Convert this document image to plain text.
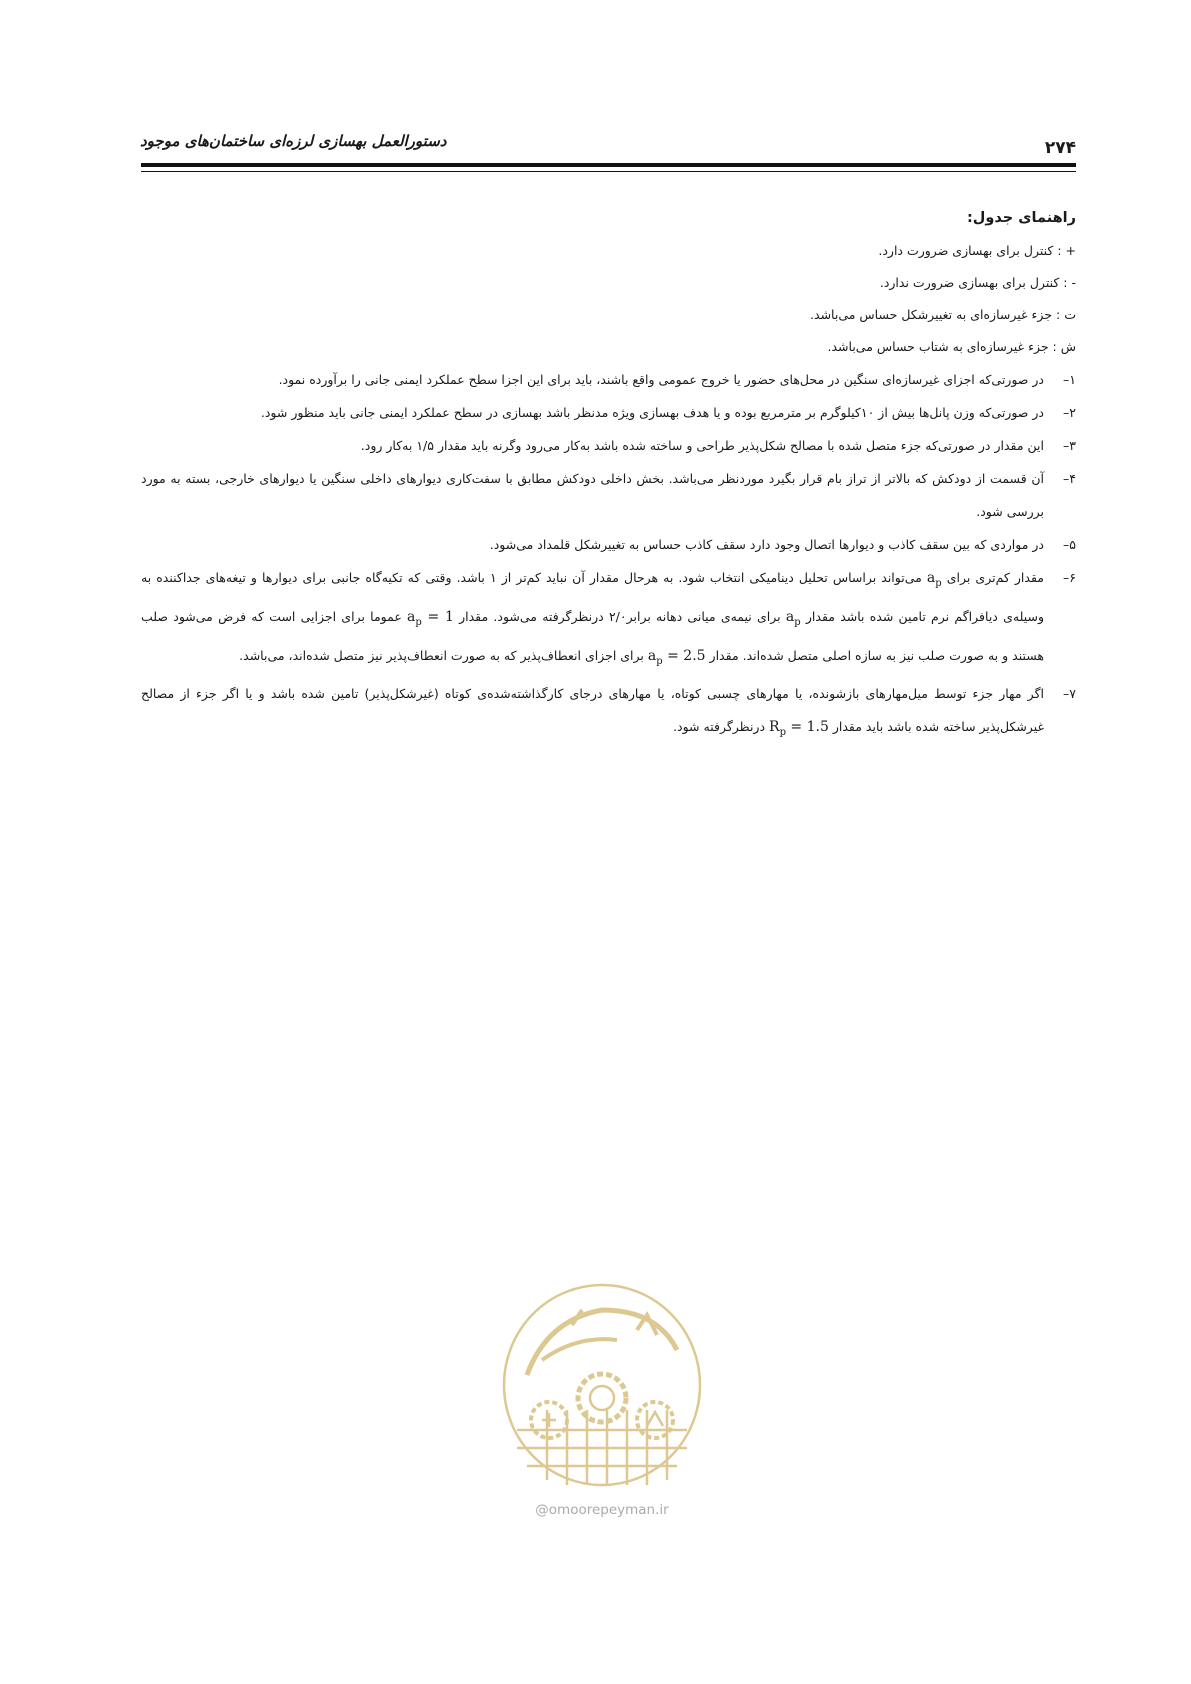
دستورالعمل بهسازی لرزه‌ای ساختمان‌های موجود	۲۷۴
راهنمای جدول:
+ : کنترل برای بهسازی ضرورت دارد.
- : کنترل برای بهسازی ضرورت ندارد.
ت : جزء غیرسازه‌ای به تغییرشکل حساس می‌باشد.
ش : جزء غیرسازه‌ای به شتاب حساس می‌باشد.
۱–
در صورتی‌که اجزای غیرسازه‌ای سنگین در محل‌های حضور یا خروج عمومی واقع باشند، باید برای این اجزا سطح عملکرد ایمنی جانی را برآورده نمود.
۲–
در صورتی‌که وزن پانل‌ها بیش از ۱۰کیلوگرم بر مترمربع بوده و یا هدف بهسازی ویژه مدنظر باشد بهسازی در سطح عملکرد ایمنی جانی باید منظور شود.
۳–
این مقدار در صورتی‌که جزء متصل شده با مصالح شکل‌پذیر طراحی و ساخته شده باشد به‌کار می‌رود وگرنه باید مقدار ۱/۵ به‌کار رود.
۴–
آن قسمت از دودکش که بالاتر از تراز بام قرار بگیرد موردنظر می‌باشد. بخش داخلی دودکش مطابق با سفت‌کاری دیوارهای داخلی سنگین یا دیوارهای خارجی، بسته به مورد بررسی شود.
۵–
در مواردی که بین سقف کاذب و دیوارها اتصال وجود دارد سقف کاذب حساس به تغییرشکل قلمداد می‌شود.
۶–
مقدار کم‌تری برای $a_p$ می‌تواند براساس تحلیل دینامیکی انتخاب شود. به هرحال مقدار آن نباید کم‌تر از ۱ باشد. وقتی که تکیه‌گاه جانبی برای دیوارها و تیغه‌های جداکننده به وسیله‌ی دیافراگم نرم تامین شده باشد مقدار $a_p$ برای نیمه‌ی میانی دهانه برابر۲/۰ درنظرگرفته می‌شود. مقدار $a_p = 1$ عموما برای اجزایی است که فرض می‌شود صلب هستند و به صورت صلب نیز به سازه اصلی متصل شده‌اند. مقدار $a_p = 2.5$ برای اجزای انعطاف‌پذیر که به صورت انعطاف‌پذیر نیز متصل شده‌اند، می‌باشد.
۷–
اگر مهار جزء توسط میل‌مهارهای بازشونده، یا مهارهای چسبی کوتاه، یا مهارهای درجای کارگذاشته‌شده‌ی کوتاه (غیرشکل‌پذیر) تامین شده باشد و یا اگر جزء از مصالح غیرشکل‌پذیر ساخته شده باشد باید مقدار $R_p = 1.5$ درنظرگرفته شود.
@omoorepeyman.ir
